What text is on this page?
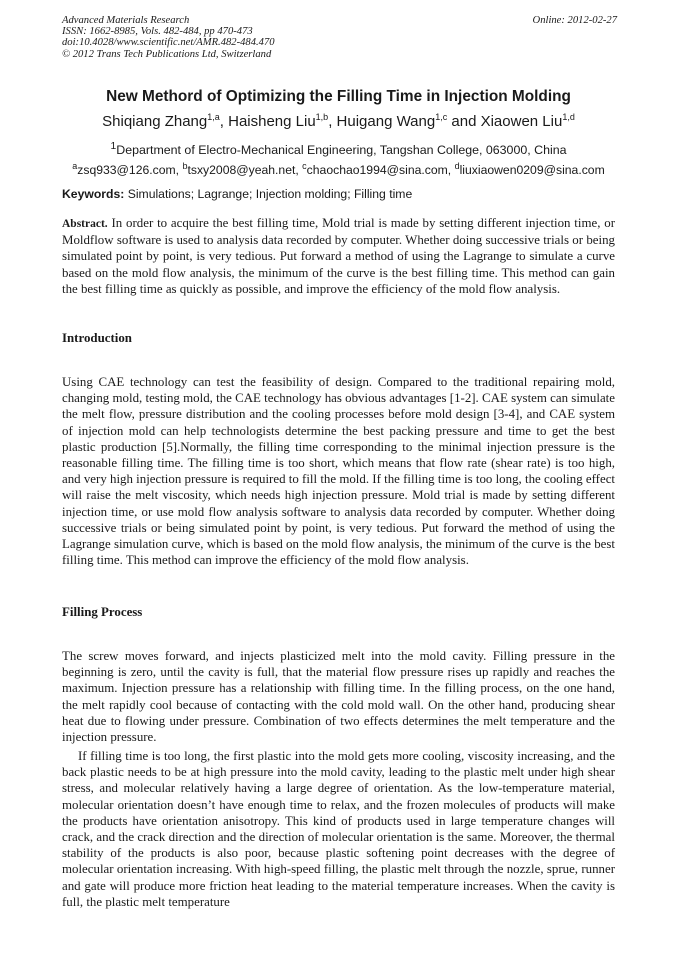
Advanced Materials Research
ISSN: 1662-8985, Vols. 482-484, pp 470-473
doi:10.4028/www.scientific.net/AMR.482-484.470
© 2012 Trans Tech Publications Ltd, Switzerland
Online: 2012-02-27
New Methord of Optimizing the Filling Time in Injection Molding
Shiqiang Zhang$^{1,a}$, Haisheng Liu$^{1,b}$, Huigang Wang$^{1,c}$ and Xiaowen Liu$^{1,d}$
$^1$Department of Electro-Mechanical Engineering, Tangshan College, 063000, China
$^a$zsq933@126.com, $^b$tsxy2008@yeah.net, $^c$chaochao1994@sina.com, $^d$liuxiaowen0209@sina.com
Keywords: Simulations; Lagrange; Injection molding; Filling time

Abstract. In order to acquire the best filling time, Mold trial is made by setting different injection time, or Moldflow software is used to analysis data recorded by computer. Whether doing successive trials or being simulated point by point, is very tedious. Put forward a method of using the Lagrange to simulate a curve based on the mold flow analysis, the minimum of the curve is the best filling time. This method can gain the best filling time as quickly as possible, and improve the efficiency of the mold flow analysis.

Introduction

Using CAE technology can test the feasibility of design. Compared to the traditional repairing mold, changing mold, testing mold, the CAE technology has obvious advantages [1-2]. CAE system can simulate the melt flow, pressure distribution and the cooling processes before mold design [3-4], and CAE system of injection mold can help technologists determine the best packing pressure and time to get the best plastic production [5].Normally, the filling time corresponding to the minimal injection pressure is the reasonable filling time. The filling time is too short, which means that flow rate (shear rate) is too high, and very high injection pressure is required to fill the mold. If the filling time is too long, the cooling effect will raise the melt viscosity, which needs high injection pressure. Mold trial is made by setting different injection time, or use mold flow analysis software to analysis data recorded by computer. Whether doing successive trials or being simulated point by point, is very tedious. Put forward the method of using the Lagrange simulation curve, which is based on the mold flow analysis, the minimum of the curve is the best filling time. This method can improve the efficiency of the mold flow analysis.

Filling Process

The screw moves forward, and injects plasticized melt into the mold cavity. Filling pressure in the beginning is zero, until the cavity is full, that the material flow pressure rises up rapidly and reaches the maximum. Injection pressure has a relationship with filling time. In the filling process, on the one hand, the melt rapidly cool because of contacting with the cold mold wall. On the other hand, producing shear heat due to flowing under pressure. Combination of two effects determines the melt temperature and the injection pressure.

If filling time is too long, the first plastic into the mold gets more cooling, viscosity increasing, and the back plastic needs to be at high pressure into the mold cavity, leading to the plastic melt under high shear stress, and molecular relatively having a large degree of orientation. As the low-temperature material, molecular orientation doesn’t have enough time to relax, and the frozen molecules of products will make the products have orientation anisotropy. This kind of products used in large temperature changes will crack, and the crack direction and the direction of molecular orientation is the same. Moreover, the thermal stability of the products is also poor, because plastic softening point decreases with the degree of molecular orientation increasing. With high-speed filling, the plastic melt through the nozzle, sprue, runner and gate will produce more friction heat leading to the material temperature increases. When the cavity is full, the plastic melt temperature
